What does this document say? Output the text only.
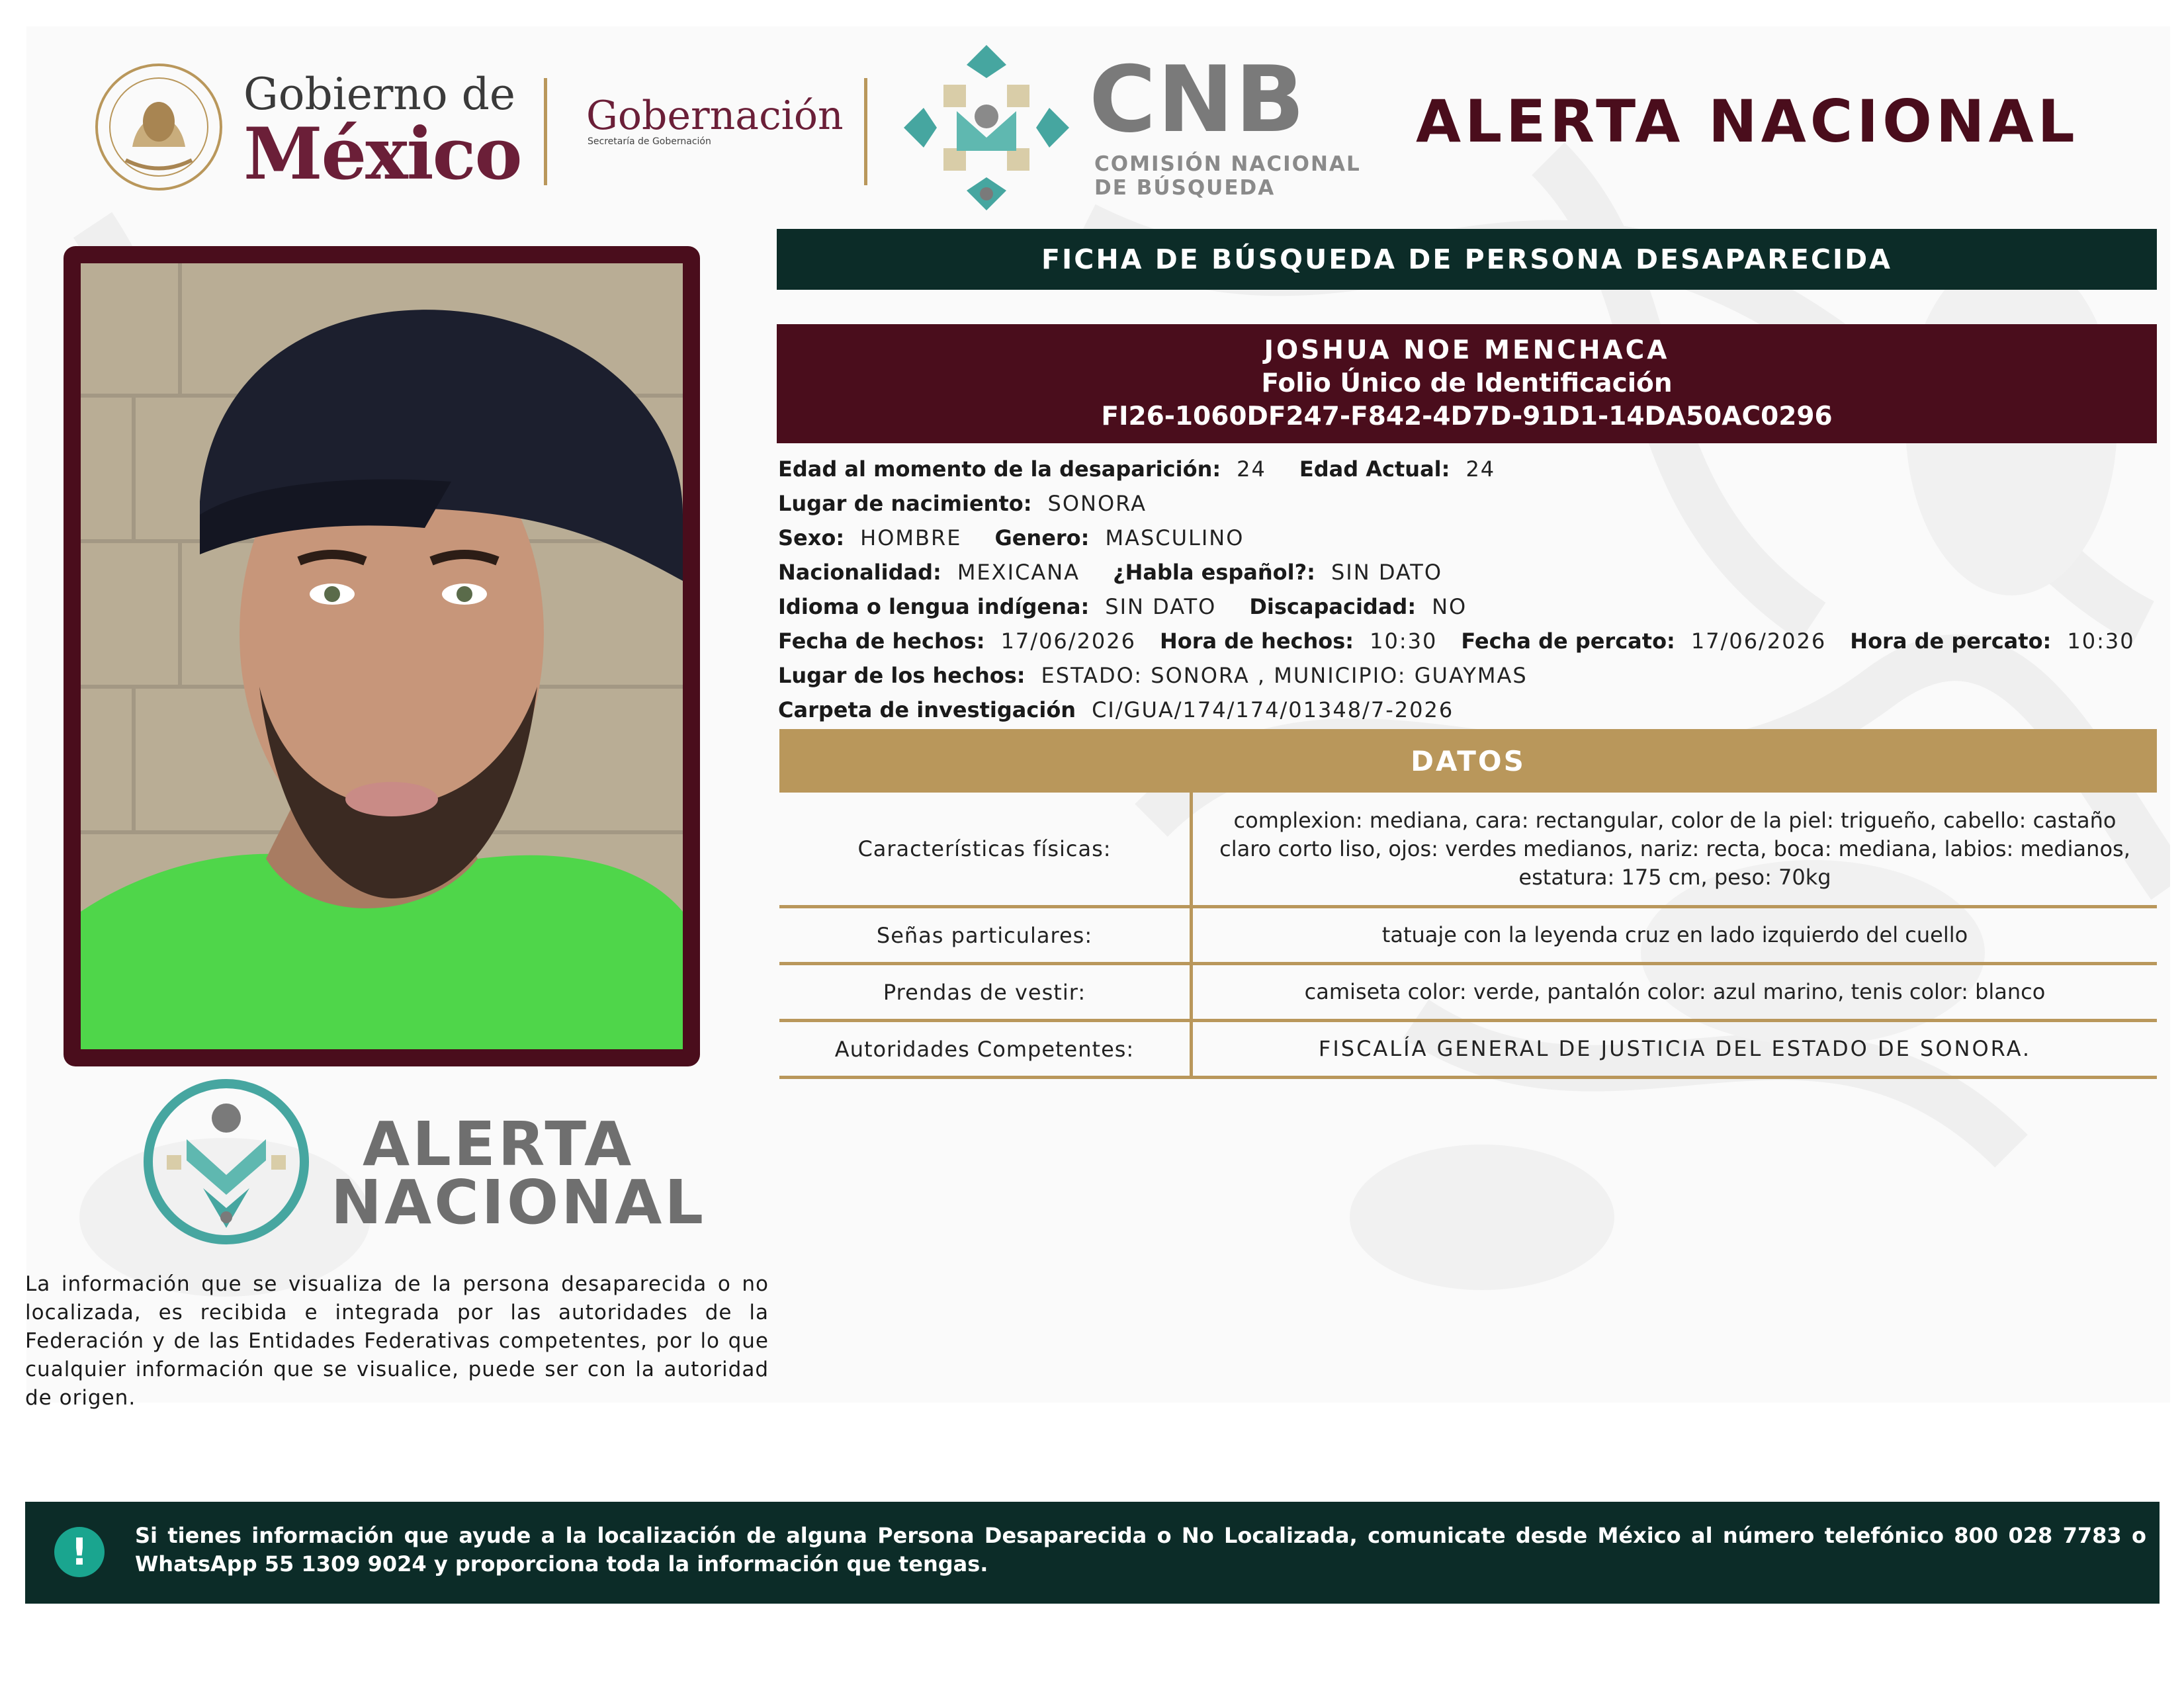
Gobierno de
México Gobernación
Secretaría de Gobernación	CNB
COMISIÓN NACIONAL
DE BÚSQUEDA
ALERTA NACIONAL
FICHA DE BÚSQUEDA DE PERSONA DESAPARECIDA
JOSHUA NOE MENCHACA
Folio Único de Identificación
FI26-1060DF247-F842-4D7D-91D1-14DA50AC0296
Edad al momento de la desaparición: 24 Edad Actual: 24
Lugar de nacimiento: SONORA
Sexo: HOMBRE Genero: MASCULINO
Nacionalidad: MEXICANA ¿Habla español?: SIN DATO
Idioma o lengua indígena: SIN DATO Discapacidad: NO
Fecha de hechos: 17/06/2026 Hora de hechos: 10:30 Fecha de percato: 17/06/2026 Hora de percato: 10:30
Lugar de los hechos: ESTADO: SONORA , MUNICIPIO: GUAYMAS
Carpeta de investigación CI/GUA/174/174/01348/7-2026
DATOS
Características físicas:
complexion: mediana, cara: rectangular, color de la piel: trigueño, cabello: castaño claro corto liso, ojos: verdes medianos, nariz: recta, boca: mediana, labios: medianos, estatura: 175 cm, peso: 70kg
Señas particulares:	tatuaje con la leyenda cruz en lado izquierdo del cuello
Prendas de vestir:	camiseta color: verde, pantalón color: azul marino, tenis color: blanco
Autoridades Competentes:	FISCALÍA GENERAL DE JUSTICIA DEL ESTADO DE SONORA.
ALERTA
NACIONAL
La información que se visualiza de la persona desaparecida o no localizada, es recibida e integrada por las autoridades de la Federación y de las Entidades Federativas competentes, por lo que cualquier información que se visualice, puede ser con la autoridad de origen.
!	Si tienes información que ayude a la localización de alguna Persona Desaparecida o No Localizada, comunicate desde México al número telefónico 800 028 7783 o WhatsApp 55 1309 9024 y proporciona toda la información que tengas.
